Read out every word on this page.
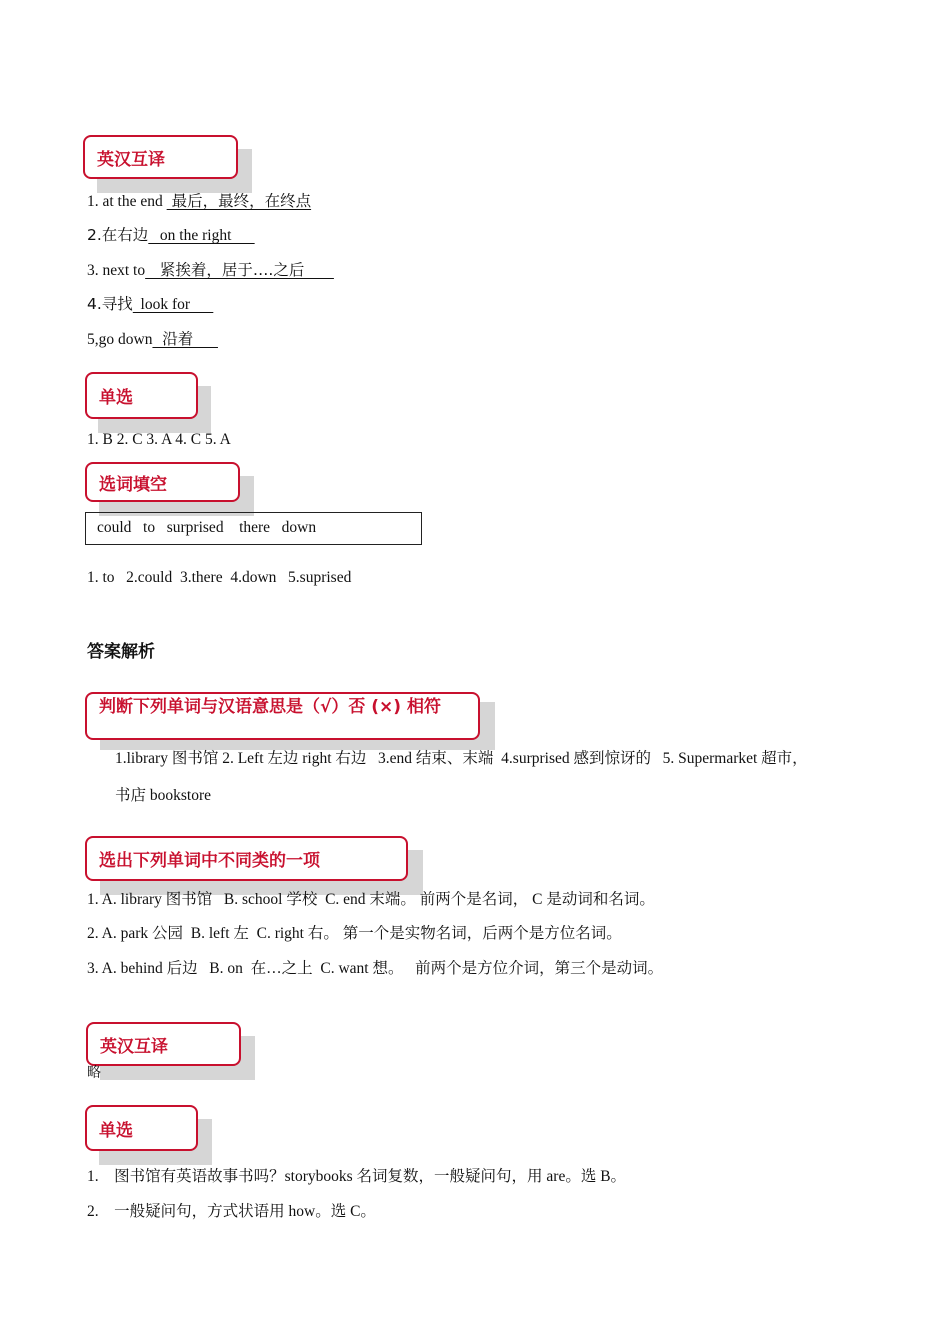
英汉互译
1. at the end  最后，最终，在终点
2.在右边   on the right
3. next to   紧挨着，居于….之后
4.寻找  look for
5,go down  沿着
单选
1. B 2. C 3. A 4. C 5. A
选词填空
could   to   surprised    there   down
1. to   2.could  3.there  4.down   5.suprised
答案解析
判断下列单词与汉语意思是（√）否 (×) 相符
1.library 图书馆 2. Left 左边 right 右边   3.end 结束、末端  4.surprised 感到惊讶的   5. Supermarket 超市，
书店 bookstore
选出下列单词中不同类的一项
1. A. library 图书馆   B. school 学校  C. end 末端。 前两个是名词， C 是动词和名词。
2. A. park 公园  B. left 左  C. right 右。 第一个是实物名词，后两个是方位名词。
3. A. behind 后边   B. on  在…之上  C. want 想。   前两个是方位介词，第三个是动词。
英汉互译
略
单选
1.    图书馆有英语故事书吗？storybooks 名词复数，一般疑问句，用 are。选 B。
2.    一般疑问句，方式状语用 how。选 C。
